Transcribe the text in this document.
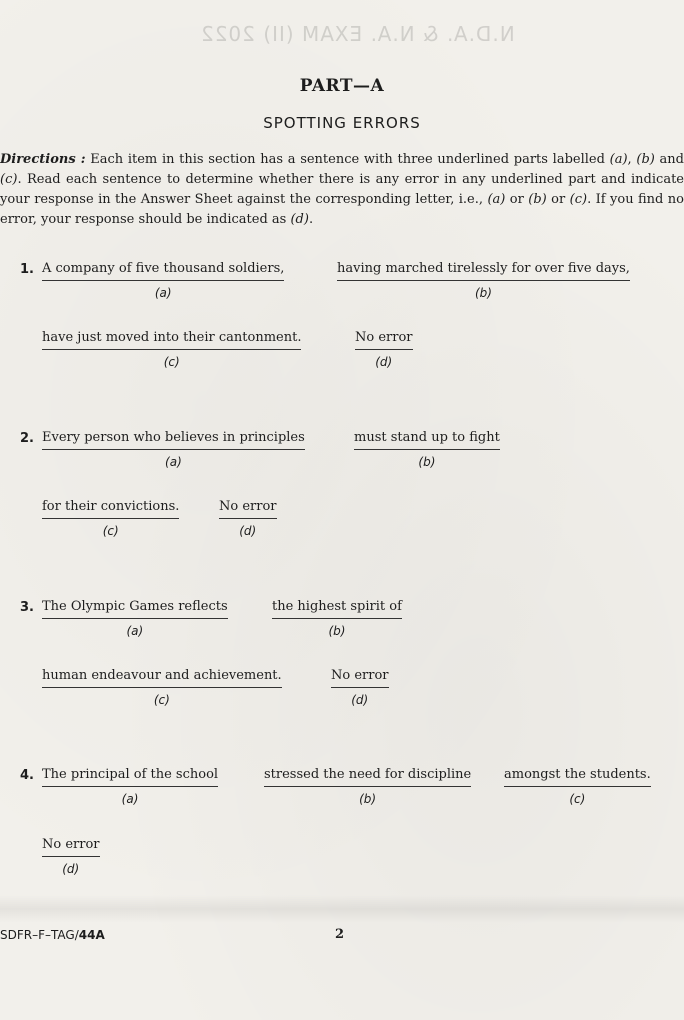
N.D.A. & N.A. EXAM (II) 2022
PART—A
SPOTTING ERRORS
Directions : Each item in this section has a sentence with three underlined parts labelled (a), (b) and (c). Read each sentence to determine whether there is any error in any underlined part and indicate your response in the Answer Sheet against the corresponding letter, i.e., (a) or (b) or (c). If you find no error, your response should be indicated as (d).
1. A company of five thousand soldiers,
(a)
having marched tirelessly for over five days,
(b)
have just moved into their cantonment.
(c)
No error
(d)
2. Every person who believes in principles
(a)
must stand up to fight
(b)
for their convictions.
(c)
No error
(d)
3. The Olympic Games reflects
(a)
the highest spirit of
(b)
human endeavour and achievement.
(c)
No error
(d)
4. The principal of the school
(a)
stressed the need for discipline
(b)
amongst the students.
(c)
No error
(d)
SDFR–F–TAG/44A	2
